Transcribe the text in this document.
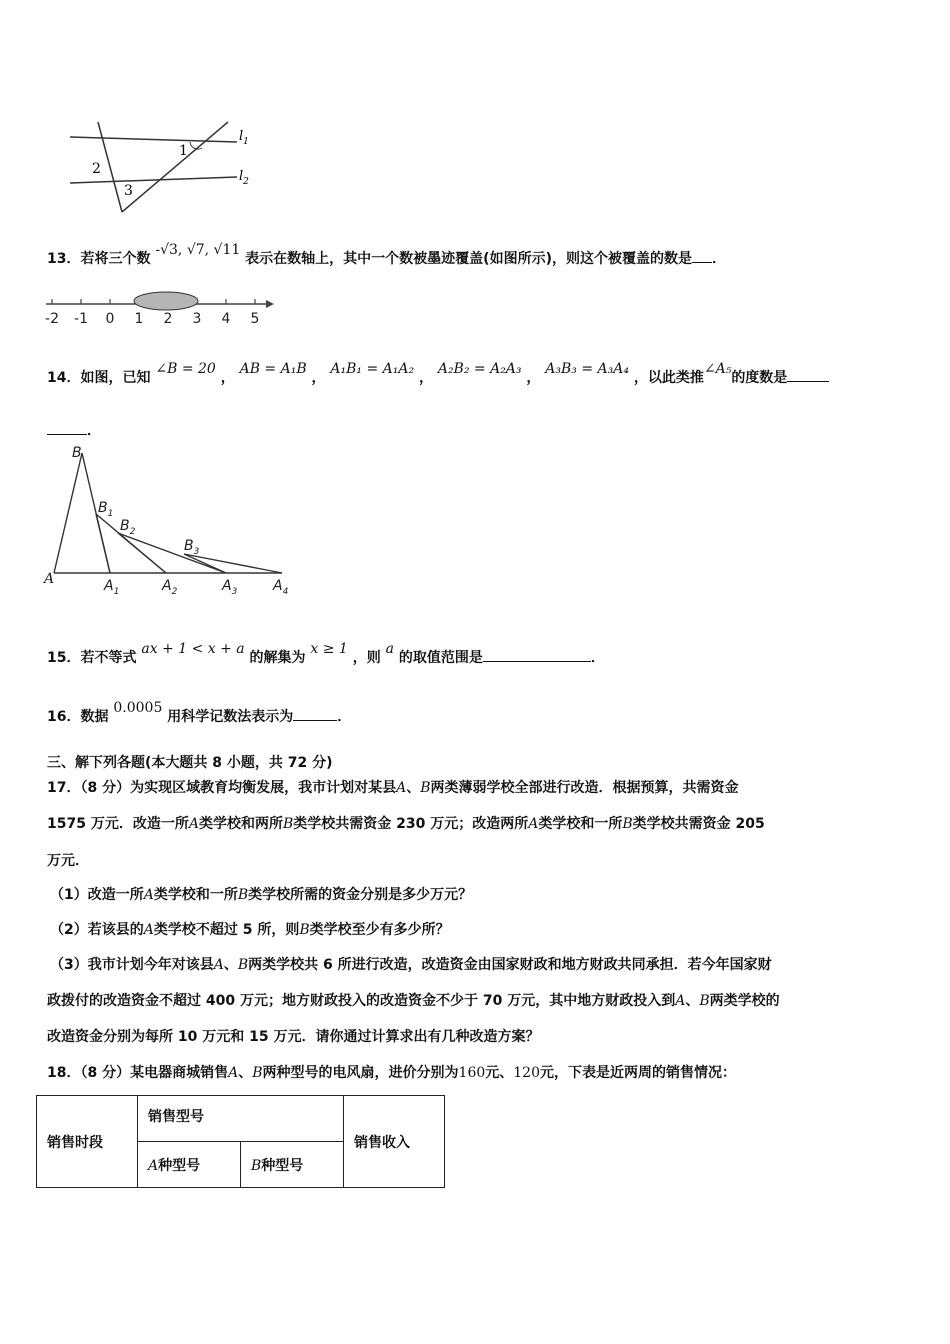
1
2
3
$l_1$
$l_2$
13．若将三个数 -√3, √7, √11 表示在数轴上，其中一个数被墨迹覆盖(如图所示)，则这个被覆盖的数是 ．
-2 -1 0 1 2 3 4 5
14．如图，已知 ∠B = 20 ， AB = A₁B ， A₁B₁ = A₁A₂ ， A₂B₂ = A₂A₃ ， A₃B₃ = A₃A₄ ，以此类推∠A₅的度数是
．
B
$B_1$
$B_2$
$B_3$
A	$A_1$	$A_2$	$A_3$	$A_4$
15．若不等式 ax + 1 < x + a 的解集为 x ≥ 1 ，则 a 的取值范围是	．
16．数据 0.0005 用科学记数法表示为	．
三、解下列各题(本大题共 8 小题，共 72 分)
17．（8 分）为实现区域教育均衡发展，我市计划对某县A、B两类薄弱学校全部进行改造．根据预算，共需资金
1575 万元．改造一所A类学校和两所B类学校共需资金 230 万元；改造两所A类学校和一所B类学校共需资金 205
万元．
（1）改造一所A类学校和一所B类学校所需的资金分别是多少万元？
（2）若该县的A类学校不超过 5 所，则B类学校至少有多少所？
（3）我市计划今年对该县A、B两类学校共 6 所进行改造，改造资金由国家财政和地方财政共同承担．若今年国家财
政拨付的改造资金不超过 400 万元；地方财政投入的改造资金不少于 70 万元，其中地方财政投入到A、B两类学校的
改造资金分别为每所 10 万元和 15 万元．请你通过计算求出有几种改造方案？
18．（8 分）某电器商城销售A、B两种型号的电风扇，进价分别为160元、120元，下表是近两周的销售情况：
销售时段	销售型号		销售收入
	A种型号	B种型号	
